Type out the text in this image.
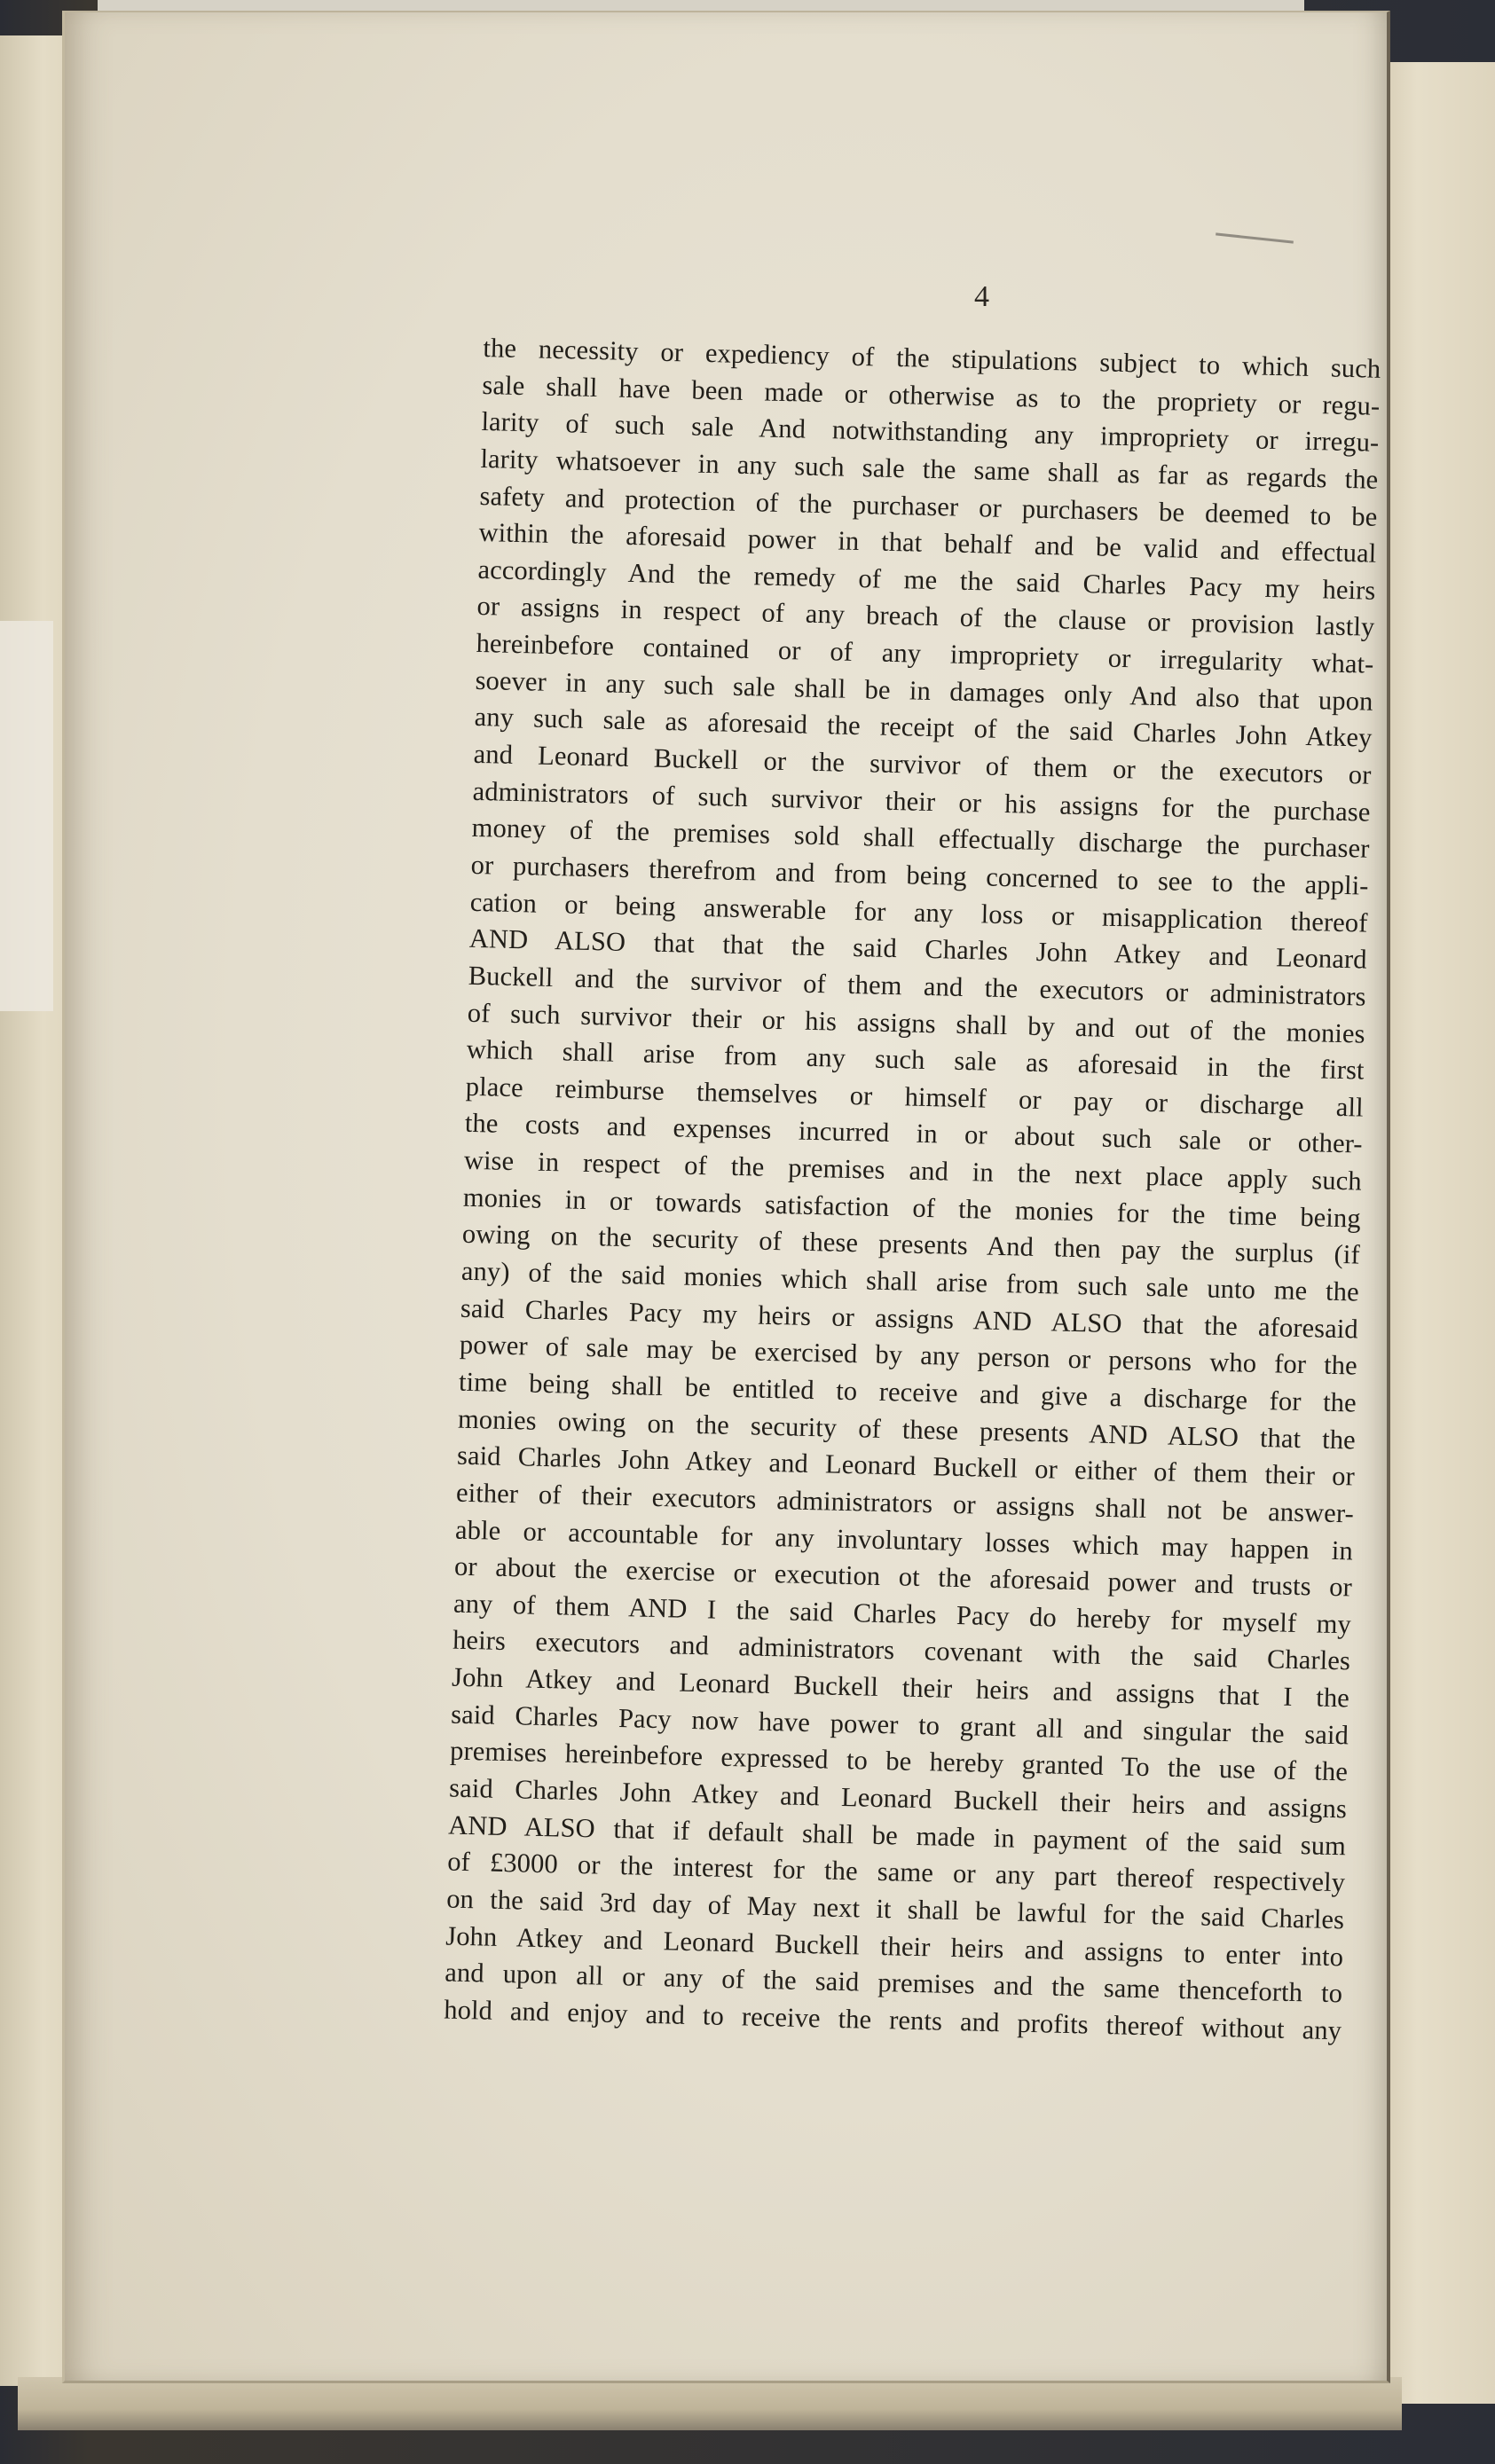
4

the necessity or expediency of the stipulations subject to which such
sale shall have been made or otherwise as to the propriety or regu-
larity of such sale And notwithstanding any impropriety or irregu-
larity whatsoever in any such sale the same shall as far as regards the
safety and protection of the purchaser or purchasers be deemed to be
within the aforesaid power in that behalf and be valid and effectual
accordingly And the remedy of me the said Charles Pacy my heirs
or assigns in respect of any breach of the clause or provision lastly
hereinbefore contained or of any impropriety or irregularity what-
soever in any such sale shall be in damages only And also that upon
any such sale as aforesaid the receipt of the said Charles John Atkey
and Leonard Buckell or the survivor of them or the executors or
administrators of such survivor their or his assigns for the purchase
money of the premises sold shall effectually discharge the purchaser
or purchasers therefrom and from being concerned to see to the appli-
cation or being answerable for any loss or misapplication thereof
AND ALSO that that the said Charles John Atkey and Leonard
Buckell and the survivor of them and the executors or administrators
of such survivor their or his assigns shall by and out of the monies
which shall arise from any such sale as aforesaid in the first
place reimburse themselves or himself or pay or discharge all
the costs and expenses incurred in or about such sale or other-
wise in respect of the premises and in the next place apply such
monies in or towards satisfaction of the monies for the time being
owing on the security of these presents And then pay the surplus (if
any) of the said monies which shall arise from such sale unto me the
said Charles Pacy my heirs or assigns AND ALSO that the aforesaid
power of sale may be exercised by any person or persons who for the
time being shall be entitled to receive and give a discharge for the
monies owing on the security of these presents AND ALSO that the
said Charles John Atkey and Leonard Buckell or either of them their or
either of their executors administrators or assigns shall not be answer-
able or accountable for any involuntary losses which may happen in
or about the exercise or execution ot the aforesaid power and trusts or
any of them AND I the said Charles Pacy do hereby for myself my
heirs executors and administrators covenant with the said Charles
John Atkey and Leonard Buckell their heirs and assigns that I the
said Charles Pacy now have power to grant all and singular the said
premises hereinbefore expressed to be hereby granted To the use of the
said Charles John Atkey and Leonard Buckell their heirs and assigns
AND ALSO that if default shall be made in payment of the said sum
of £3000 or the interest for the same or any part thereof respectively
on the said 3rd day of May next it shall be lawful for the said Charles
John Atkey and Leonard Buckell their heirs and assigns to enter into
and upon all or any of the said premises and the same thenceforth to
hold and enjoy and to receive the rents and profits thereof without any
